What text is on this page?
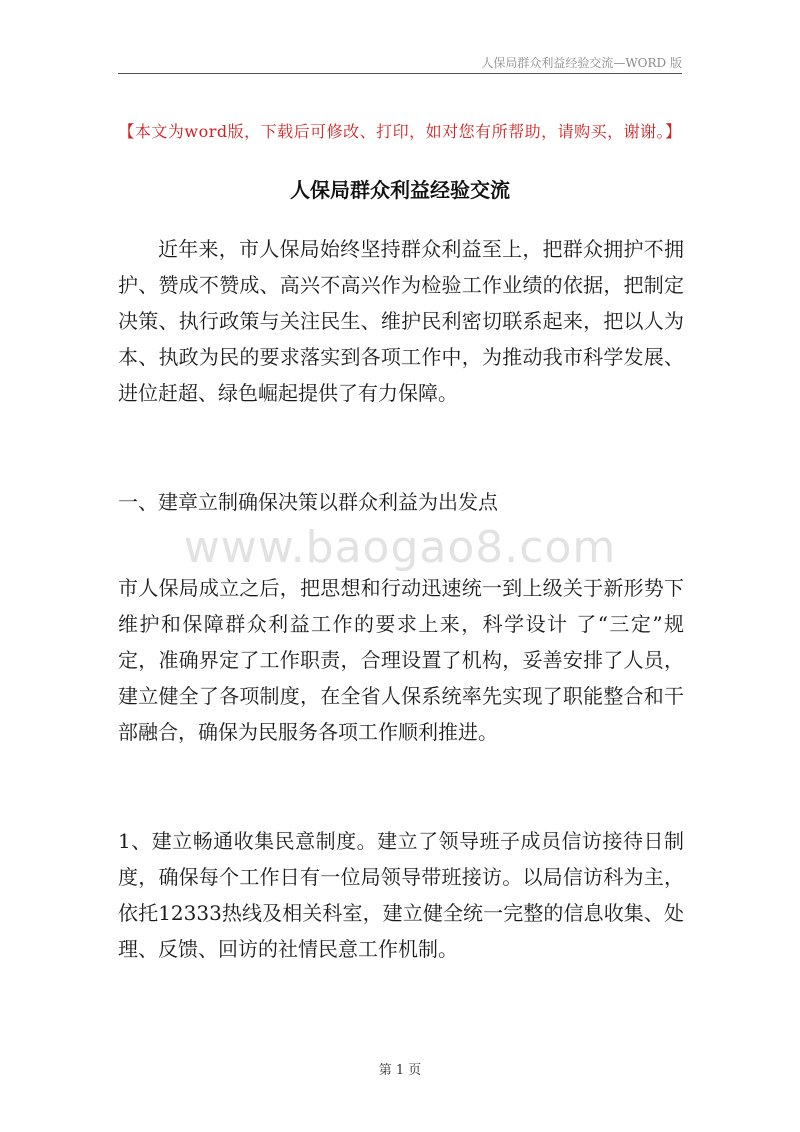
人保局群众利益经验交流—WORD 版
【本文为word版，下载后可修改、打印，如对您有所帮助，请购买，谢谢。】
人保局群众利益经验交流
近年来，市人保局始终坚持群众利益至上，把群众拥护不拥护、赞成不赞成、高兴不高兴作为检验工作业绩的依据，把制定决策、执行政策与关注民生、维护民利密切联系起来，把以人为本、执政为民的要求落实到各项工作中，为推动我市科学发展、进位赶超、绿色崛起提供了有力保障。
一、建章立制确保决策以群众利益为出发点
www.baogao8.com
市人保局成立之后，把思想和行动迅速统一到上级关于新形势下维护和保障群众利益工作的要求上来，科学设计 了“三定”规定，准确界定了工作职责，合理设置了机构，妥善安排了人员，建立健全了各项制度，在全省人保系统率先实现了职能整合和干部融合，确保为民服务各项工作顺利推进。
1、建立畅通收集民意制度。建立了领导班子成员信访接待日制度，确保每个工作日有一位局领导带班接访。以局信访科为主，依托12333热线及相关科室，建立健全统一完整的信息收集、处理、反馈、回访的社情民意工作机制。
第 1 页
